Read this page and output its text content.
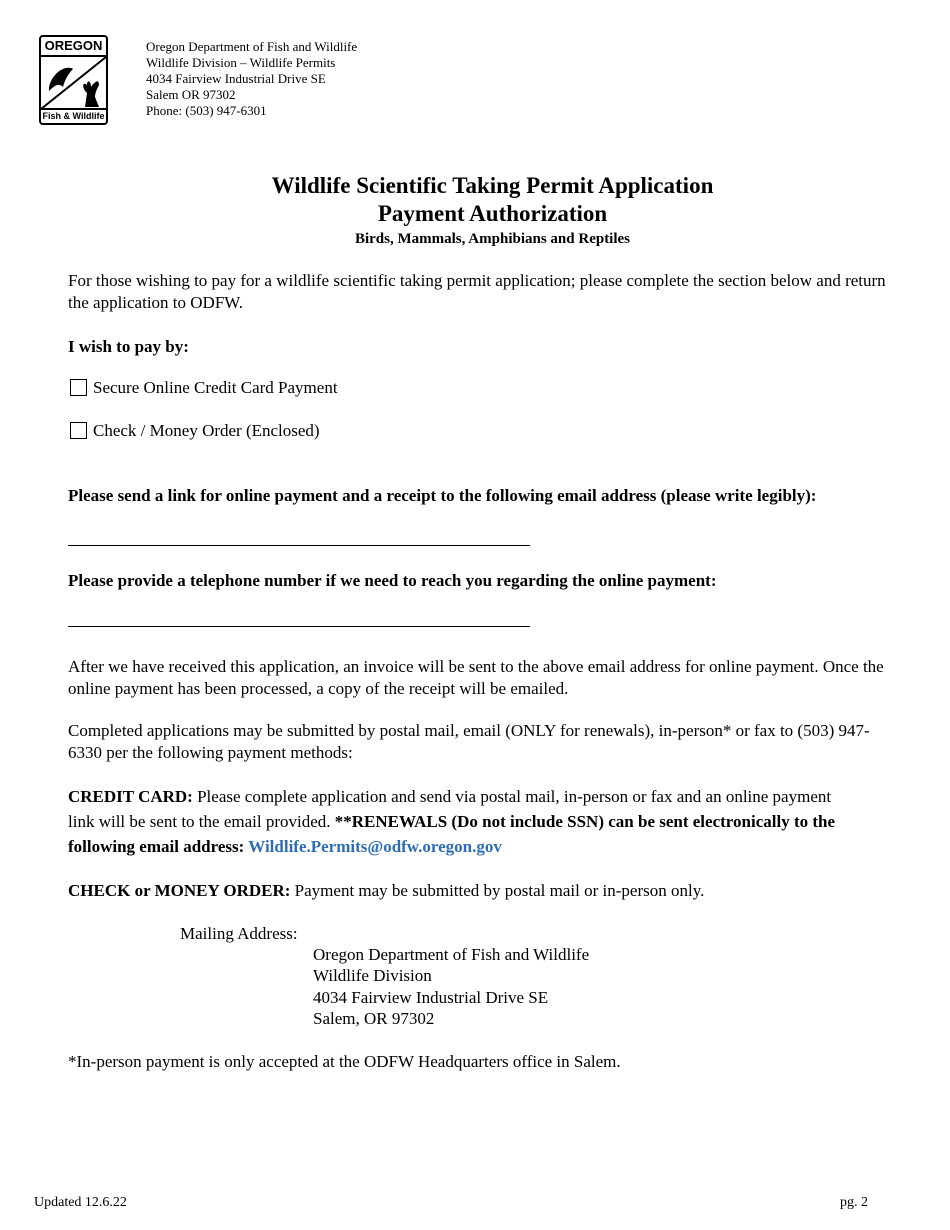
OREGON
Fish & Wildlife
Oregon Department of Fish and Wildlife
Wildlife Division – Wildlife Permits
4034 Fairview Industrial Drive SE
Salem OR 97302
Phone: (503) 947-6301
Wildlife Scientific Taking Permit Application
Payment Authorization
Birds, Mammals, Amphibians and Reptiles
For those wishing to pay for a wildlife scientific taking permit application; please complete the section below and return the application to ODFW.
I wish to pay by:
Secure Online Credit Card Payment
Check / Money Order (Enclosed)
Please send a link for online payment and a receipt to the following email address (please write legibly):
Please provide a telephone number if we need to reach you regarding the online payment:
After we have received this application, an invoice will be sent to the above email address for online payment. Once the online payment has been processed, a copy of the receipt will be emailed.
Completed applications may be submitted by postal mail, email (ONLY for renewals), in-person* or fax to (503) 947-6330 per the following payment methods:
CREDIT CARD: Please complete application and send via postal mail, in-person or fax and an online payment link will be sent to the email provided. **RENEWALS (Do not include SSN) can be sent electronically to the following email address: Wildlife.Permits@odfw.oregon.gov
CHECK or MONEY ORDER: Payment may be submitted by postal mail or in-person only.
Mailing Address:
Oregon Department of Fish and Wildlife
Wildlife Division
4034 Fairview Industrial Drive SE
Salem, OR 97302
*In-person payment is only accepted at the ODFW Headquarters office in Salem.
Updated 12.6.22	pg. 2
